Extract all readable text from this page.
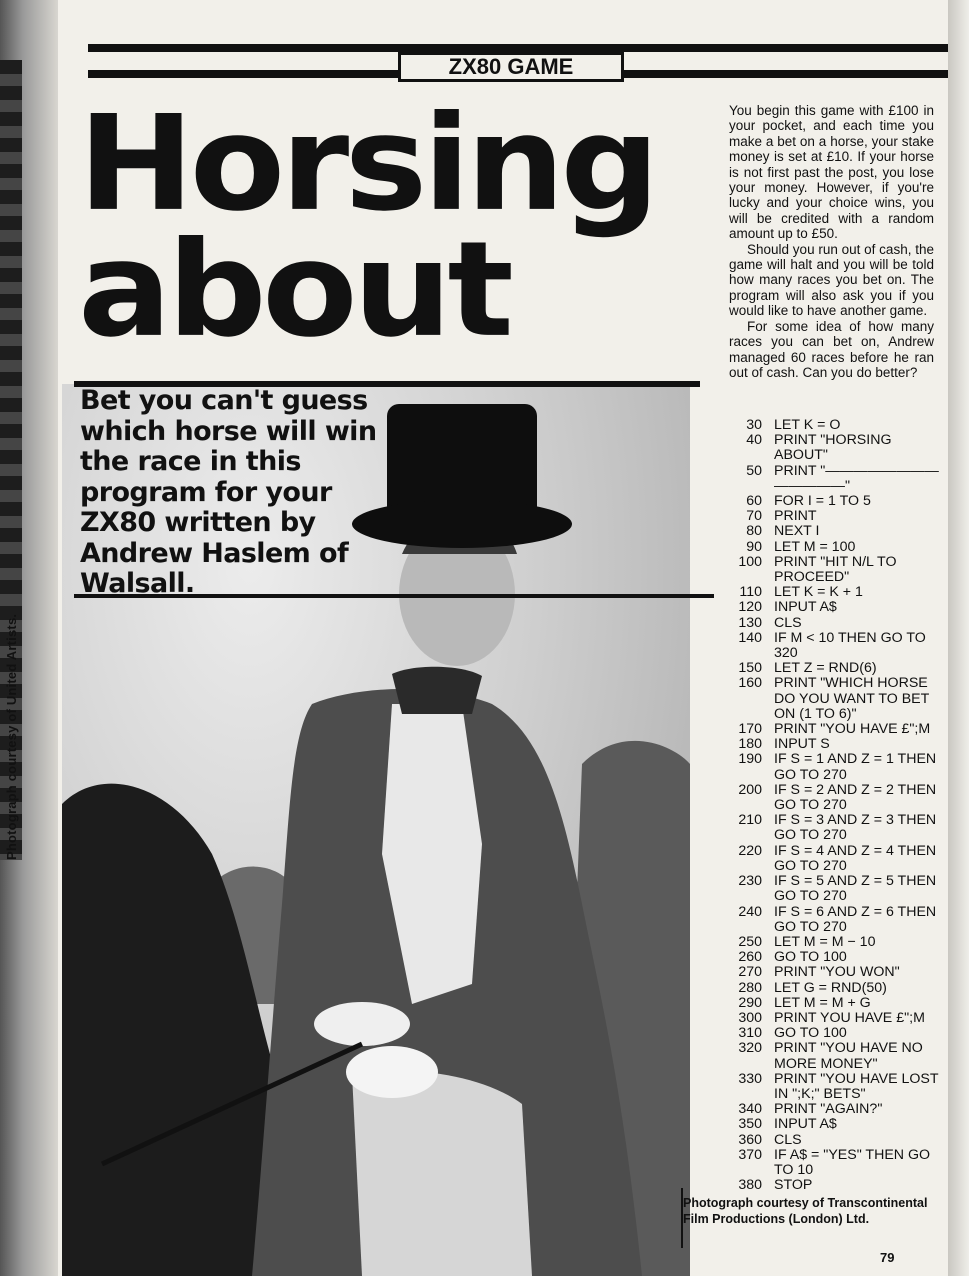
Photograph courtesy of United Artists.
ZX80 GAME
Horsing
about

You begin this game with £100 in your pocket, and each time you make a bet on a horse, your stake money is set at £10. If your horse is not first past the post, you lose your money. However, if you're lucky and your choice wins, you will be credited with a random amount up to £50.

Should you run out of cash, the game will halt and you will be told how many races you bet on. The program will also ask you if you would like to have another game.

For some idea of how many races you can bet on, Andrew managed 60 races before he ran out of cash. Can you do better?

Bet you can't guess which horse will win the race in this program for your ZX80 written by Andrew Haslem of Walsall.
30 LET K = O
40 PRINT "HORSING ABOUT"
50 PRINT "———————— —————"
60 FOR I = 1 TO 5
70 PRINT
80 NEXT I
90 LET M = 100
100 PRINT "HIT N/L TO PROCEED"
110 LET K = K + 1
120 INPUT A$
130 CLS
140 IF M < 10 THEN GO TO 320
150 LET Z = RND(6)
160 PRINT "WHICH HORSE DO YOU WANT TO BET ON (1 TO 6)"
170 PRINT "YOU HAVE £";M
180 INPUT S
190 IF S = 1 AND Z = 1 THEN GO TO 270
200 IF S = 2 AND Z = 2 THEN GO TO 270
210 IF S = 3 AND Z = 3 THEN GO TO 270
220 IF S = 4 AND Z = 4 THEN GO TO 270
230 IF S = 5 AND Z = 5 THEN GO TO 270
240 IF S = 6 AND Z = 6 THEN GO TO 270
250 LET M = M − 10
260 GO TO 100
270 PRINT "YOU WON"
280 LET G = RND(50)
290 LET M = M + G
300 PRINT YOU HAVE £";M
310 GO TO 100
320 PRINT "YOU HAVE NO MORE MONEY"
330 PRINT "YOU HAVE LOST IN ";K;" BETS"
340 PRINT "AGAIN?"
350 INPUT A$
360 CLS
370 IF A$ = "YES" THEN GO TO 10
380 STOP
Photograph courtesy of Transcontinental Film Productions (London) Ltd.
79
